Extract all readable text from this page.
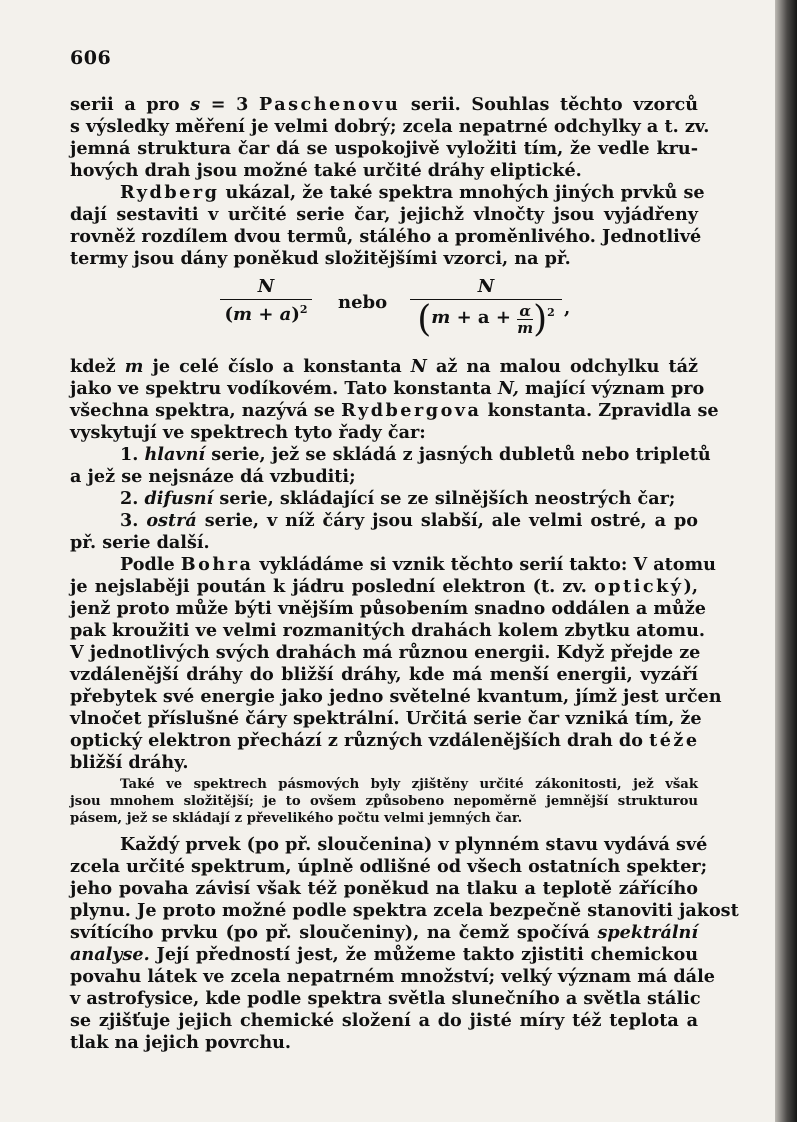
606
serii a pro s = 3 Paschenovu serii. Souhlas těchto vzorců
s výsledky měření je velmi dobrý; zcela nepatrné odchylky a t. zv.
jemná struktura čar dá se uspokojivě vyložiti tím, že vedle kru-
hových drah jsou možné také určité dráhy eliptické.
Rydberg ukázal, že také spektra mnohých jiných prvků se
dají sestaviti v určité serie čar, jejichž vlnočty jsou vyjádřeny
rovněž rozdílem dvou termů, stálého a proměnlivého. Jednotlivé
termy jsou dány poněkud složitějšími vzorci, na př.
N
$(m + a)^2$ nebo
N
$(m + a + \frac{\alpha}{m} )^2$ ,
kdež m je celé číslo a konstanta N až na malou odchylku táž
jako ve spektru vodíkovém. Tato konstanta N, mající význam pro
všechna spektra, nazývá se Rydbergova konstanta. Zpravidla se
vyskytují ve spektrech tyto řady čar:
1. hlavní serie, jež se skládá z jasných dubletů nebo tripletů
a jež se nejsnáze dá vzbuditi;
2. difusní serie, skládající se ze silnějších neostrých čar;
3. ostrá serie, v níž čáry jsou slabší, ale velmi ostré, a po
př. serie další.
Podle Bohra vykládáme si vznik těchto serií takto: V atomu
je nejslaběji poután k jádru poslední elektron (t. zv. optický),
jenž proto může býti vnějším působením snadno oddálen a může
pak kroužiti ve velmi rozmanitých drahách kolem zbytku atomu.
V jednotlivých svých drahách má různou energii. Když přejde ze
vzdálenější dráhy do bližší dráhy, kde má menší energii, vyzáří
přebytek své energie jako jedno světelné kvantum, jímž jest určen
vlnočet příslušné čáry spektrální. Určitá serie čar vzniká tím, že
optický elektron přechází z různých vzdálenějších drah do téže
bližší dráhy.
Také ve spektrech pásmových byly zjištěny určité zákonitosti, jež však
jsou mnohem složitější; je to ovšem způsobeno nepoměrně jemnější strukturou
pásem, jež se skládají z převelikého počtu velmi jemných čar.
Každý prvek (po př. sloučenina) v plynném stavu vydává své
zcela určité spektrum, úplně odlišné od všech ostatních spekter;
jeho povaha závisí však též poněkud na tlaku a teplotě zářícího
plynu. Je proto možné podle spektra zcela bezpečně stanoviti jakost
svítícího prvku (po př. sloučeniny), na čemž spočívá spektrální
analyse. Její předností jest, že můžeme takto zjistiti chemickou
povahu látek ve zcela nepatrném množství; velký význam má dále
v astrofysice, kde podle spektra světla slunečního a světla stálic
se zjišťuje jejich chemické složení a do jisté míry též teplota a
tlak na jejich povrchu.
